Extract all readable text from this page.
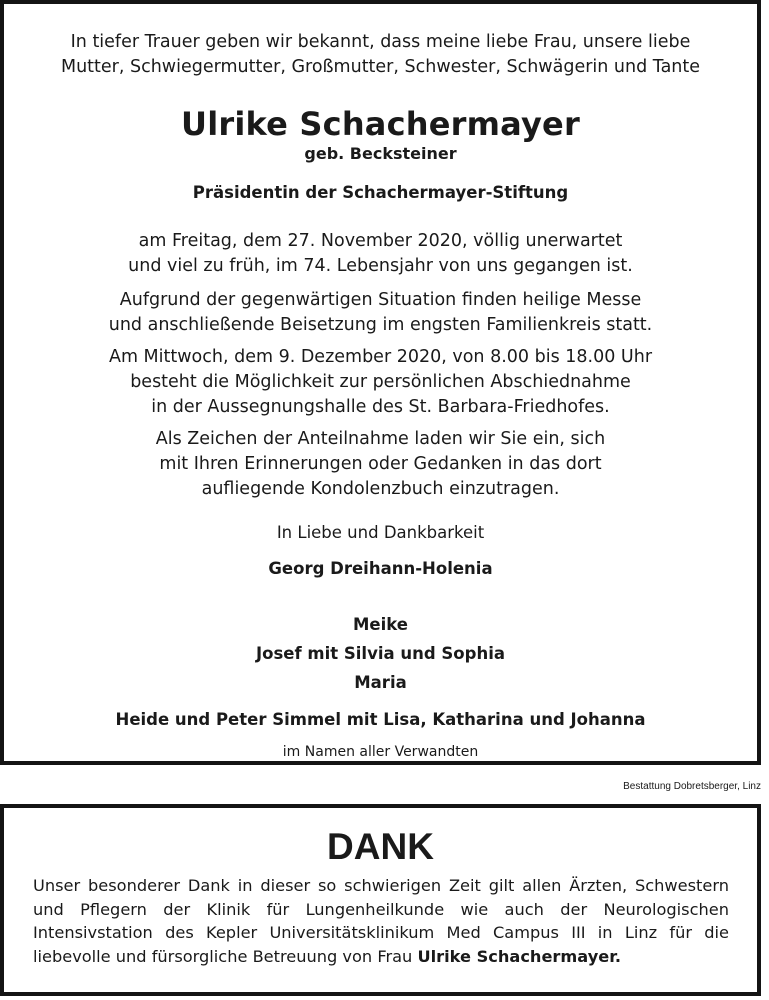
In tiefer Trauer geben wir bekannt, dass meine liebe Frau, unsere liebe
Mutter, Schwiegermutter, Großmutter, Schwester, Schwägerin und Tante
Ulrike Schachermayer
geb. Becksteiner
Präsidentin der Schachermayer-Stiftung
am Freitag, dem 27. November 2020, völlig unerwartet
und viel zu früh, im 74. Lebensjahr von uns gegangen ist.
Aufgrund der gegenwärtigen Situation finden heilige Messe
und anschließende Beisetzung im engsten Familienkreis statt.
Am Mittwoch, dem 9. Dezember 2020, von 8.00 bis 18.00 Uhr
besteht die Möglichkeit zur persönlichen Abschiednahme
in der Aussegnungshalle des St. Barbara-Friedhofes.
Als Zeichen der Anteilnahme laden wir Sie ein, sich
mit Ihren Erinnerungen oder Gedanken in das dort
aufliegende Kondolenzbuch einzutragen.
In Liebe und Dankbarkeit
Georg Dreihann-Holenia
Meike
Josef mit Silvia und Sophia
Maria
Heide und Peter Simmel mit Lisa, Katharina und Johanna
im Namen aller Verwandten
Bestattung Dobretsberger, Linz
DANK
Unser besonderer Dank in dieser so schwierigen Zeit gilt allen Ärzten, Schwestern und Pflegern der Klinik für Lungenheilkunde wie auch der Neurologischen Intensivstation des Kepler Universitätsklinikum Med Campus III in Linz für die liebevolle und fürsorgliche Betreuung von Frau Ulrike Schachermayer.
